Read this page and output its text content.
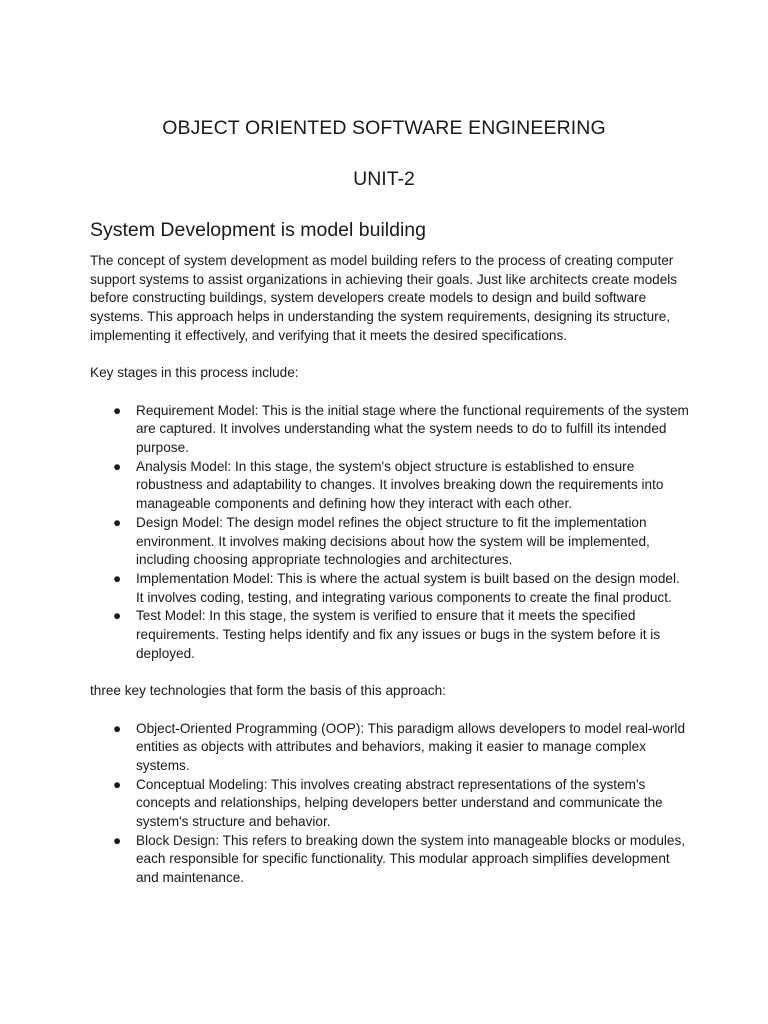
OBJECT ORIENTED SOFTWARE ENGINEERING
UNIT-2
System Development is model building

The concept of system development as model building refers to the process of creating computer support systems to assist organizations in achieving their goals. Just like architects create models before constructing buildings, system developers create models to design and build software systems. This approach helps in understanding the system requirements, designing its structure, implementing it effectively, and verifying that it meets the desired specifications.

Key stages in this process include:

● Requirement Model: This is the initial stage where the functional requirements of the system are captured. It involves understanding what the system needs to do to fulfill its intended purpose.
● Analysis Model: In this stage, the system's object structure is established to ensure robustness and adaptability to changes. It involves breaking down the requirements into manageable components and defining how they interact with each other.
● Design Model: The design model refines the object structure to fit the implementation environment. It involves making decisions about how the system will be implemented, including choosing appropriate technologies and architectures.
● Implementation Model: This is where the actual system is built based on the design model. It involves coding, testing, and integrating various components to create the final product.
● Test Model: In this stage, the system is verified to ensure that it meets the specified requirements. Testing helps identify and fix any issues or bugs in the system before it is deployed.

three key technologies that form the basis of this approach:

● Object-Oriented Programming (OOP): This paradigm allows developers to model real-world entities as objects with attributes and behaviors, making it easier to manage complex systems.
● Conceptual Modeling: This involves creating abstract representations of the system's concepts and relationships, helping developers better understand and communicate the system's structure and behavior.
● Block Design: This refers to breaking down the system into manageable blocks or modules, each responsible for specific functionality. This modular approach simplifies development and maintenance.
